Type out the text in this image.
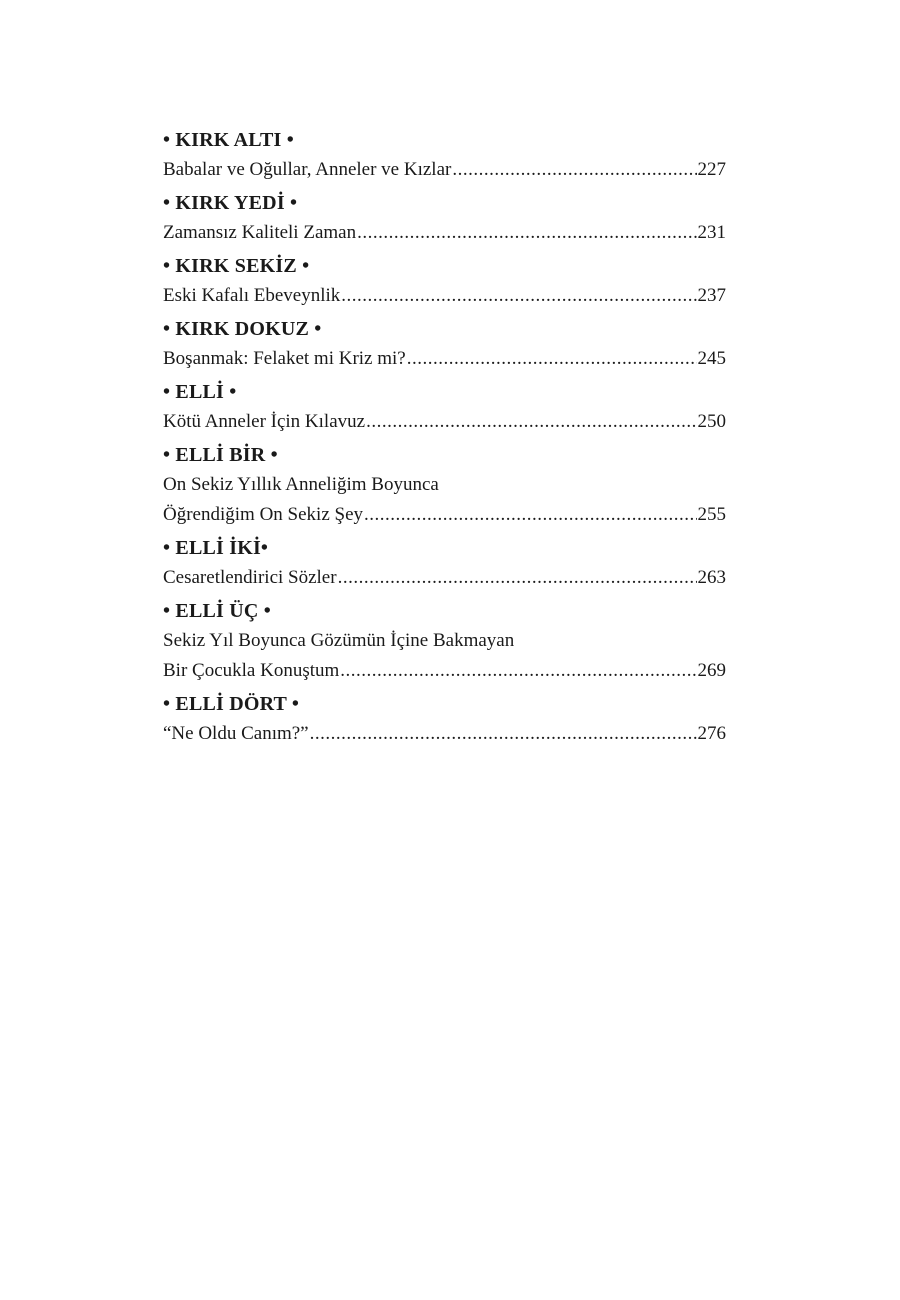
• KIRK ALTI •
Babalar ve Oğullar, Anneler ve Kızlar .....	227
• KIRK YEDİ •
Zamansız Kaliteli Zaman .....	231
• KIRK SEKİZ •
Eski Kafalı Ebeveynlik .....	237
• KIRK DOKUZ •
Boşanmak: Felaket mi Kriz mi? .....	245
• ELLİ •
Kötü Anneler İçin Kılavuz .....	250
• ELLİ BİR •
On Sekiz Yıllık Anneliğim Boyunca
Öğrendiğim On Sekiz Şey .....	255
• ELLİ İKİ•
Cesaretlendirici Sözler .....	263
• ELLİ ÜÇ •
Sekiz Yıl Boyunca Gözümün İçine Bakmayan
Bir Çocukla Konuştum .....	269
• ELLİ DÖRT •
“Ne Oldu Canım?” .....	276
